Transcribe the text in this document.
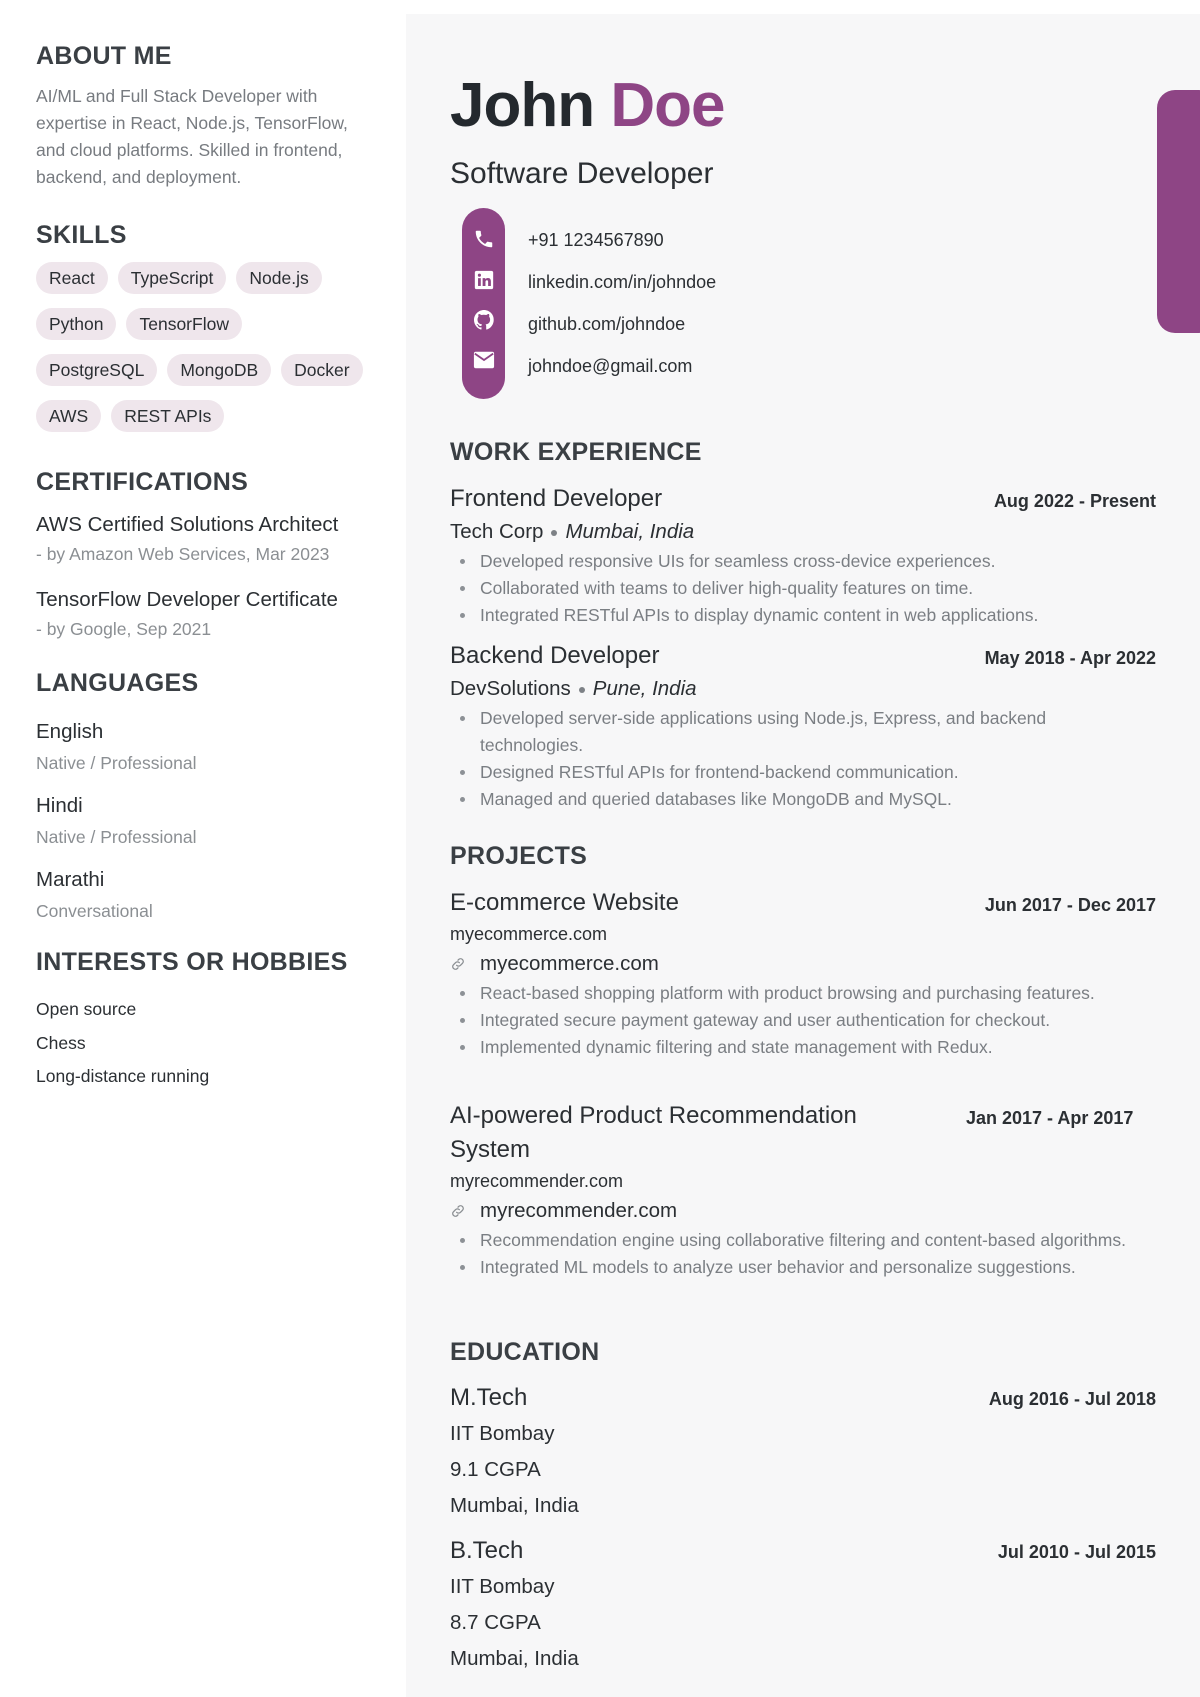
ABOUT ME

AI/ML and Full Stack Developer with expertise in React, Node.js, TensorFlow, and cloud platforms. Skilled in frontend, backend, and deployment.

SKILLS
React	TypeScript	Node.js
Python	TensorFlow
PostgreSQL	MongoDB	Docker
AWS	REST APIs
CERTIFICATIONS
AWS Certified Solutions Architect
- by Amazon Web Services, Mar 2023
TensorFlow Developer Certificate
- by Google, Sep 2021
LANGUAGES
English
Native / Professional
Hindi
Native / Professional
Marathi
Conversational
INTERESTS OR HOBBIES
Open source
Chess
Long-distance running
John Doe
Software Developer
+91 1234567890
linkedin.com/in/johndoe
github.com/johndoe
johndoe@gmail.com
WORK EXPERIENCE
Aug 2022 - Present
Frontend Developer
Tech Corp Mumbai, India
Developed responsive UIs for seamless cross-device experiences.
Collaborated with teams to deliver high-quality features on time.
Integrated RESTful APIs to display dynamic content in web applications.
May 2018 - Apr 2022
Backend Developer
DevSolutions Pune, India
Developed server-side applications using Node.js, Express, and backend technologies.
Designed RESTful APIs for frontend-backend communication.
Managed and queried databases like MongoDB and MySQL.
PROJECTS
Jun 2017 - Dec 2017
E-commerce Website
myecommerce.com
myecommerce.com
React-based shopping platform with product browsing and purchasing features.
Integrated secure payment gateway and user authentication for checkout.
Implemented dynamic filtering and state management with Redux.
Jan 2017 - Apr 2017
AI-powered Product Recommendation System
myrecommender.com
myrecommender.com
Recommendation engine using collaborative filtering and content-based algorithms.
Integrated ML models to analyze user behavior and personalize suggestions.
EDUCATION
Aug 2016 - Jul 2018
M.Tech
IIT Bombay
9.1 CGPA
Mumbai, India
Jul 2010 - Jul 2015
B.Tech
IIT Bombay
8.7 CGPA
Mumbai, India
